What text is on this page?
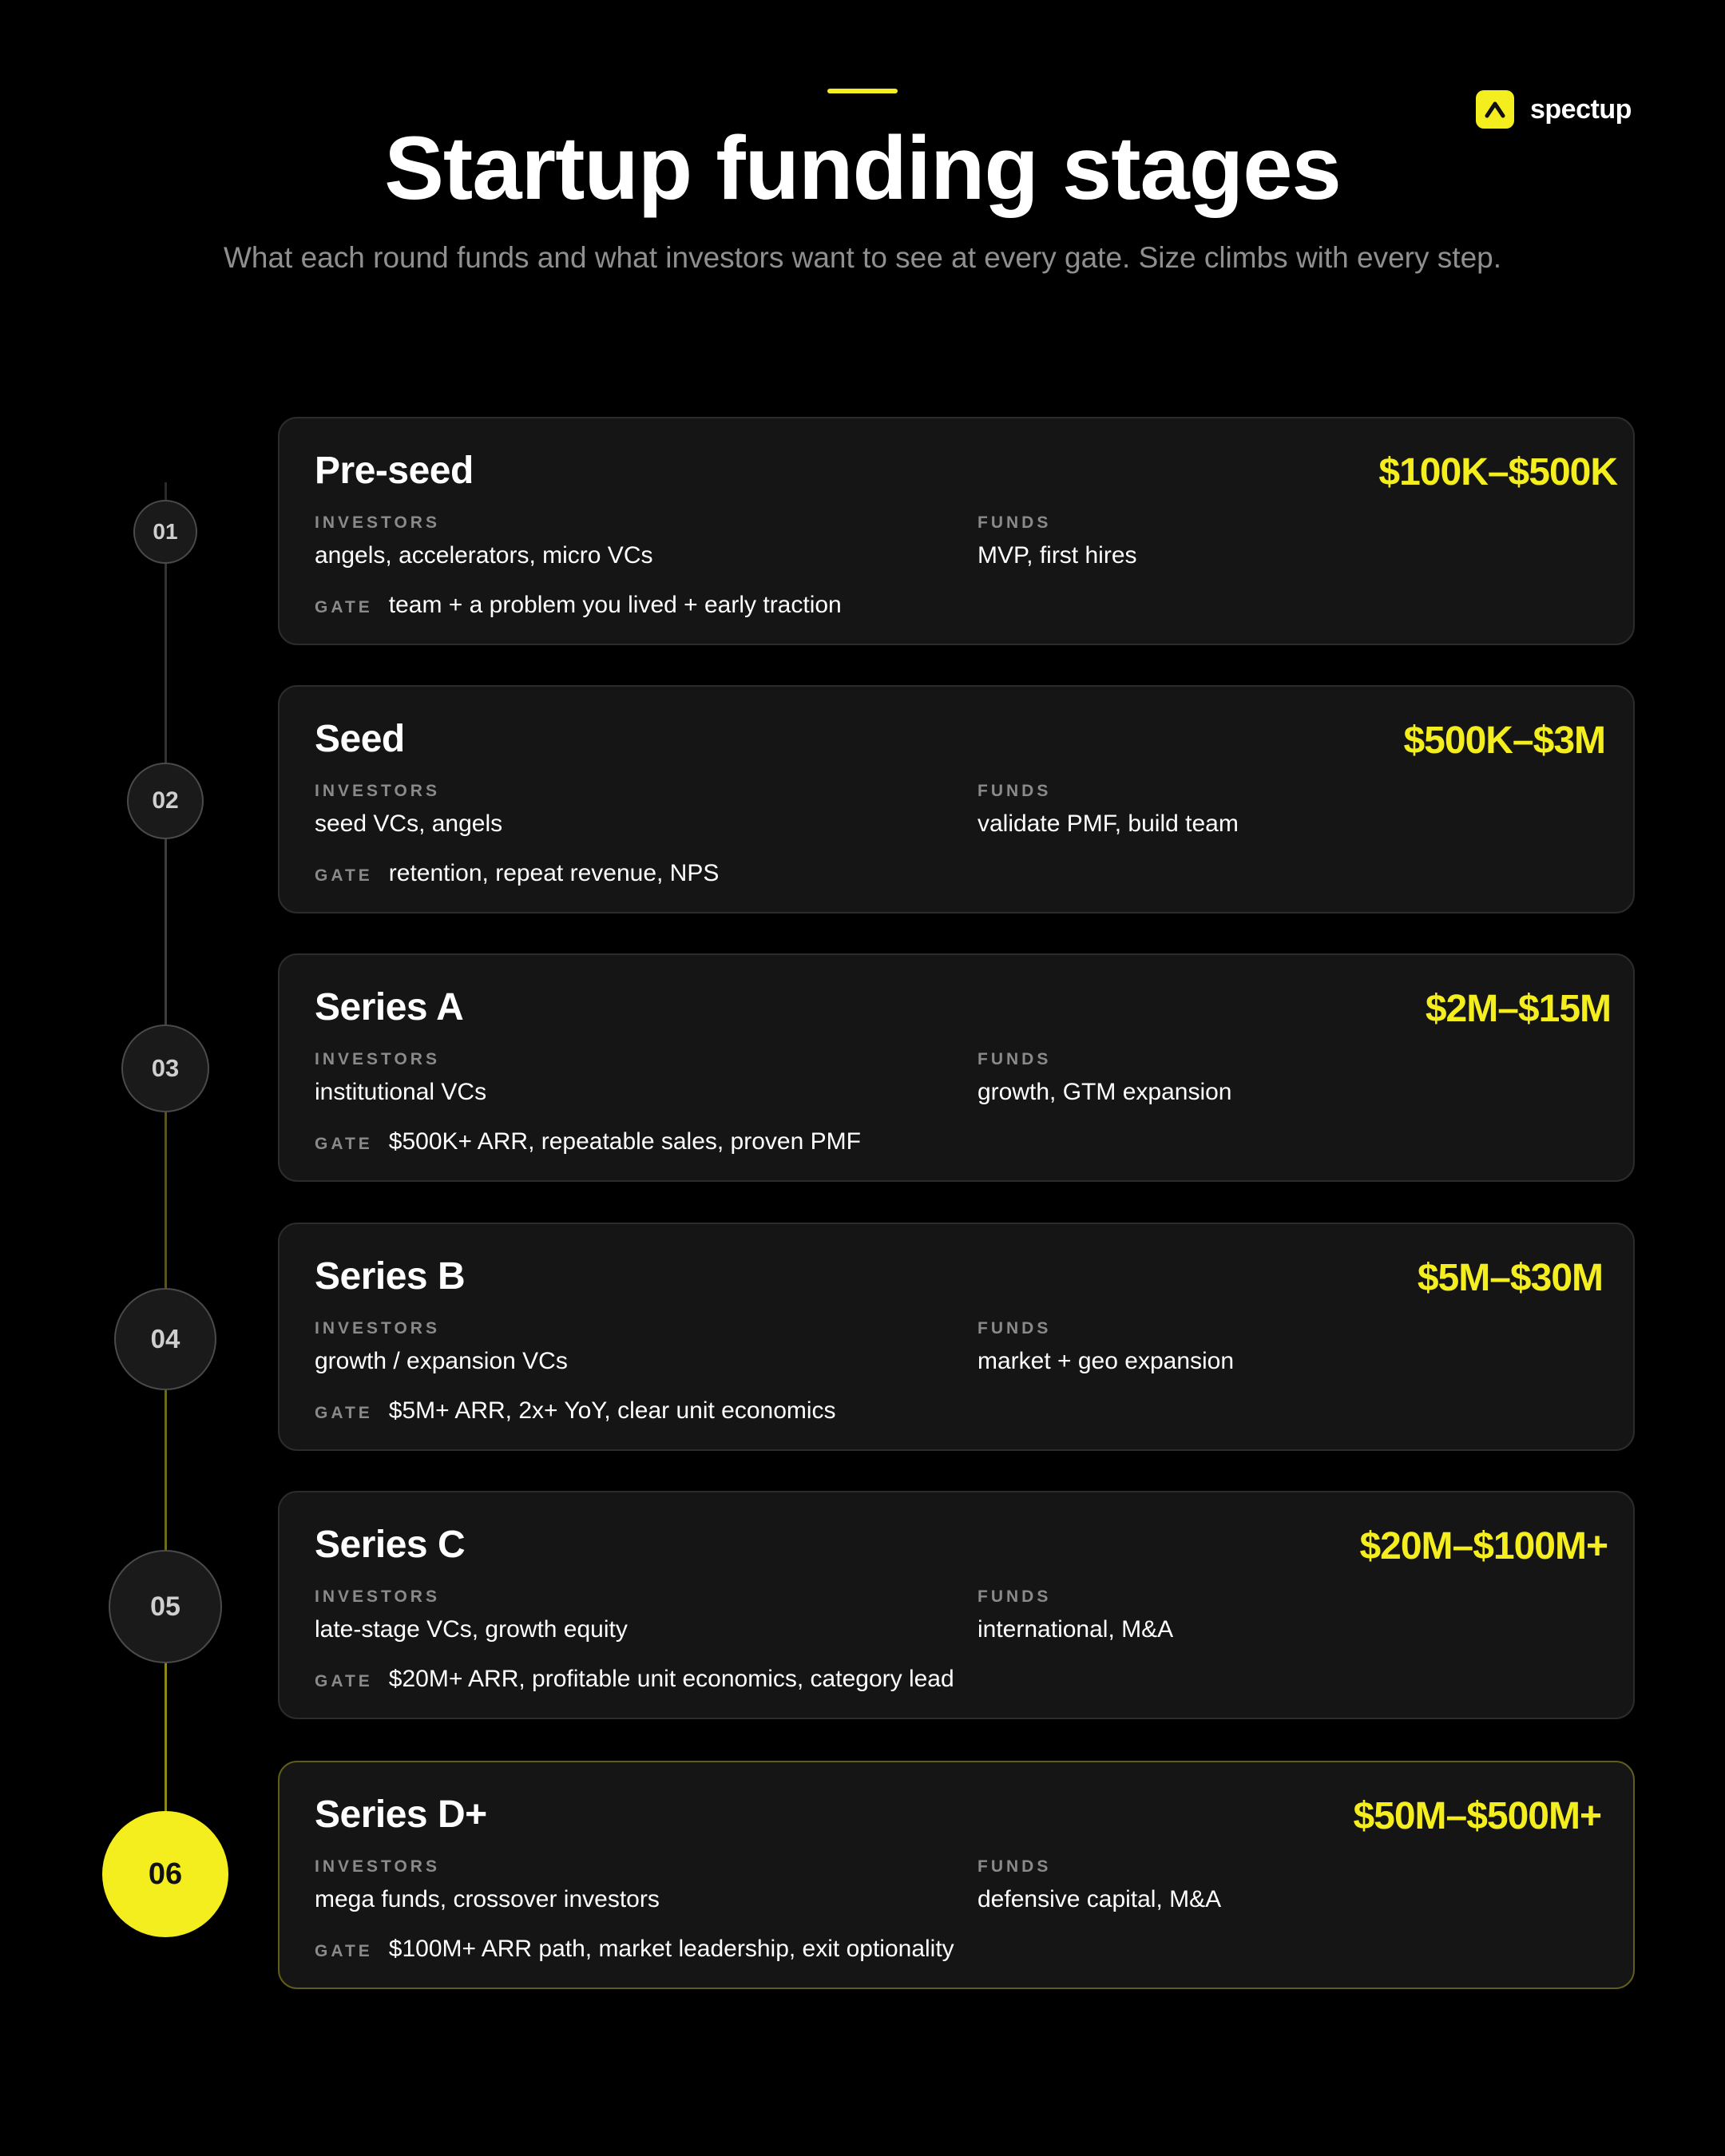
spectup
Startup funding stages

What each round funds and what investors want to see at every gate. Size climbs with every step.

01
02
03
04
05
06
Pre-seed	$100K–$500K
INVESTORS
angels, accelerators, micro VCs
FUNDS
MVP, first hires
GATE team + a problem you lived + early traction
Seed	$500K–$3M
INVESTORS
seed VCs, angels
FUNDS
validate PMF, build team
GATE retention, repeat revenue, NPS
Series A	$2M–$15M
INVESTORS
institutional VCs
FUNDS
growth, GTM expansion
GATE $500K+ ARR, repeatable sales, proven PMF
Series B	$5M–$30M
INVESTORS
growth / expansion VCs
FUNDS
market + geo expansion
GATE $5M+ ARR, 2x+ YoY, clear unit economics
Series C	$20M–$100M+
INVESTORS
late-stage VCs, growth equity
FUNDS
international, M&A
GATE $20M+ ARR, profitable unit economics, category lead
Series D+	$50M–$500M+
INVESTORS
mega funds, crossover investors
FUNDS
defensive capital, M&A
GATE $100M+ ARR path, market leadership, exit optionality
